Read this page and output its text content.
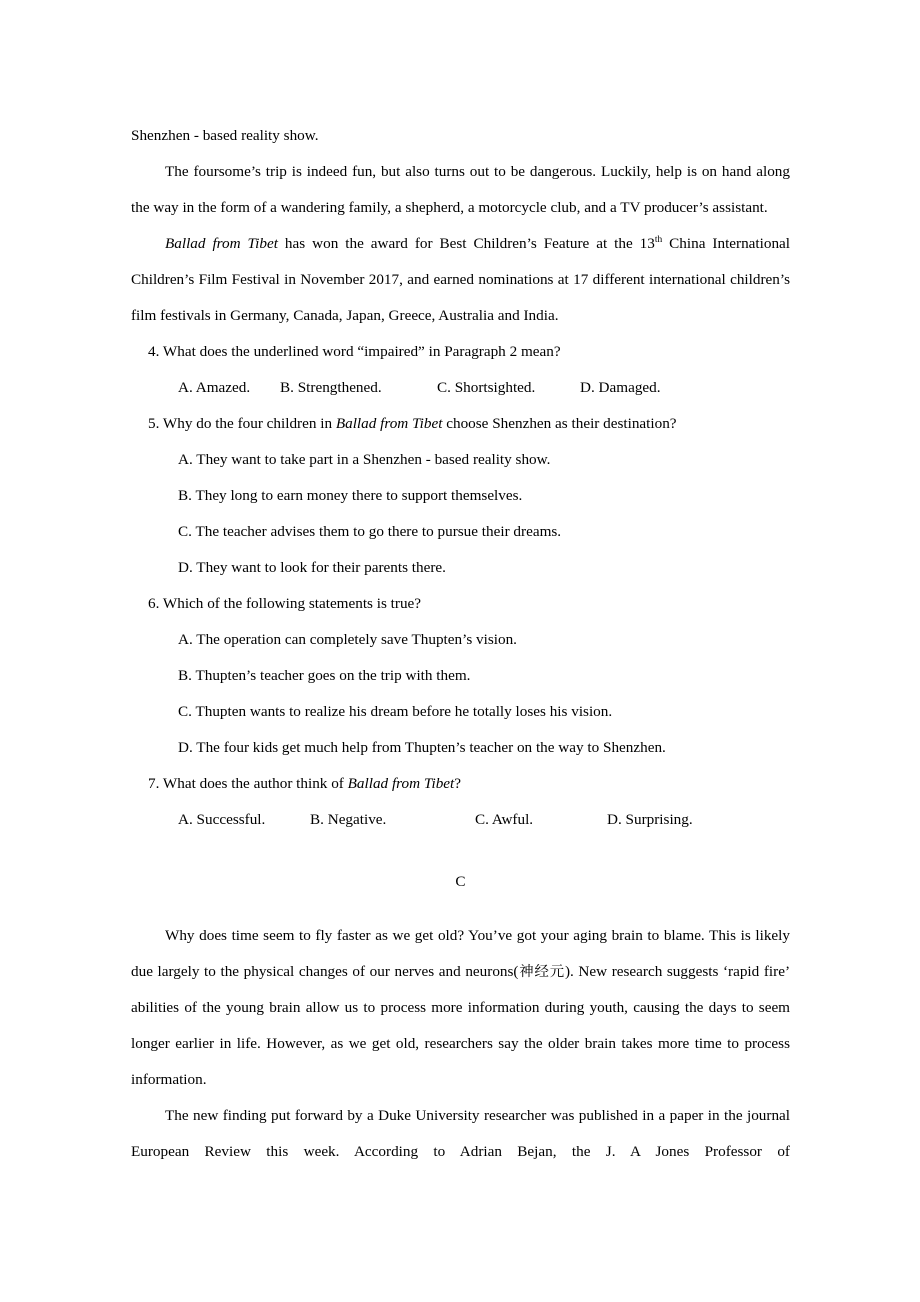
Shenzhen - based reality show.

The foursome’s trip is indeed fun, but also turns out to be dangerous. Luckily, help is on hand along the way in the form of a wandering family, a shepherd, a motorcycle club, and a TV producer’s assistant.

Ballad from Tibet has won the award for Best Children’s Feature at the 13th China International Children’s Film Festival in November 2017, and earned nominations at 17 different international children’s film festivals in Germany, Canada, Japan, Greece, Australia and India.

4. What does the underlined word “impaired” in Paragraph 2 mean?

A. Amazed. B. Strengthened.	C. Shortsighted.	D. Damaged.

5. Why do the four children in Ballad from Tibet choose Shenzhen as their destination?

A. They want to take part in a Shenzhen - based reality show.

B. They long to earn money there to support themselves.

C. The teacher advises them to go there to pursue their dreams.

D. They want to look for their parents there.

6. Which of the following statements is true?

A. The operation can completely save Thupten’s vision.

B. Thupten’s teacher goes on the trip with them.

C. Thupten wants to realize his dream before he totally loses his vision.

D. The four kids get much help from Thupten’s teacher on the way to Shenzhen.

7. What does the author think of Ballad from Tibet?

A. Successful.	B. Negative.	C. Awful.	D. Surprising.

C

Why does time seem to fly faster as we get old? You’ve got your aging brain to blame. This is likely due largely to the physical changes of our nerves and neurons(神经元). New research suggests ‘rapid fire’ abilities of the young brain allow us to process more information during youth, causing the days to seem longer earlier in life. However, as we get old, researchers say the older brain takes more time to process information.

The new finding put forward by a Duke University researcher was published in a paper in the journal European Review this week. According to Adrian Bejan, the J. A Jones Professor of
